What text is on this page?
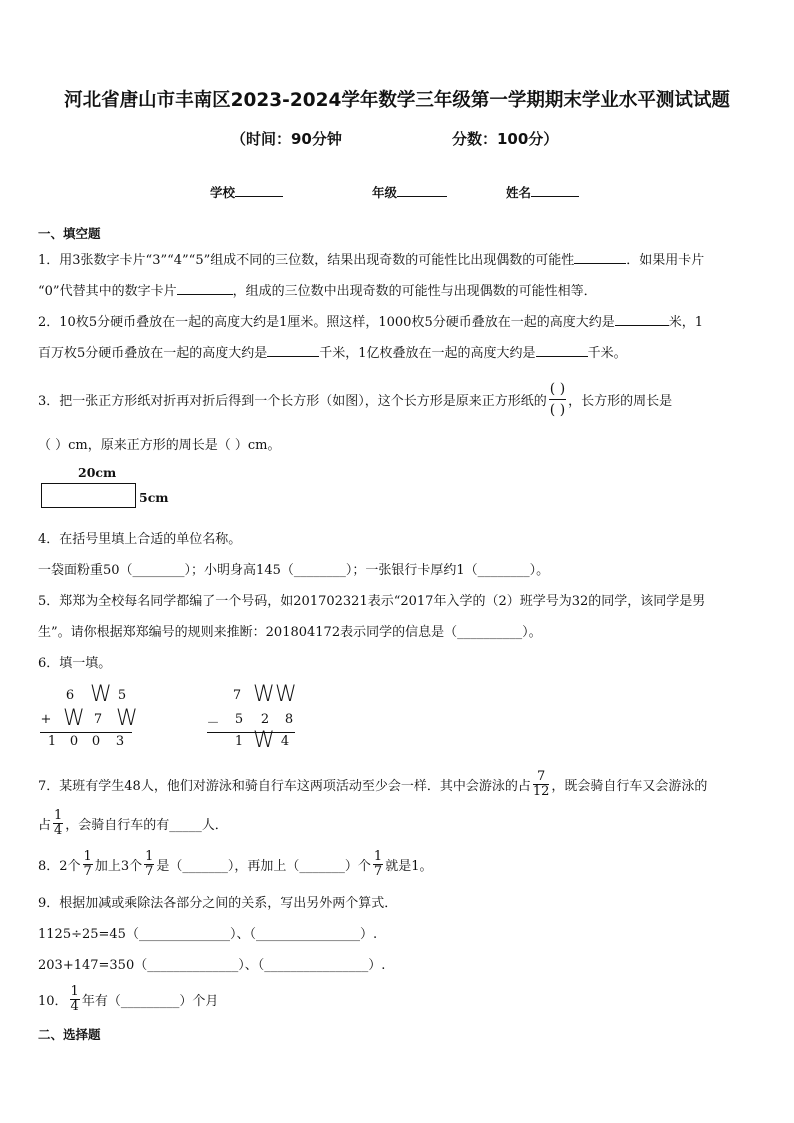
河北省唐山市丰南区2023-2024学年数学三年级第一学期期末学业水平测试试题
（时间：90分钟	分数：100分）
学校	年级	姓名
一、填空题
1．用3张数字卡片“3”“4”“5”组成不同的三位数，结果出现奇数的可能性比出现偶数的可能性	．如果用卡片
“0”代替其中的数字卡片	，组成的三位数中出现奇数的可能性与出现偶数的可能性相等．
2．10枚5分硬币叠放在一起的高度大约是1厘米。照这样，1000枚5分硬币叠放在一起的高度大约是	米，1
百万枚5分硬币叠放在一起的高度大约是	千米，1亿枚叠放在一起的高度大约是	千米。
3．把一张正方形纸对折再对折后得到一个长方形（如图），这个长方形是原来正方形纸的 $\frac{( )}{( )}$ ，长方形的周长是
（ ）cm，原来正方形的周长是（ ）cm。
20cm
5cm
4．在括号里填上合适的单位名称。
一袋面粉重50（________）；小明身高145（________）；一张银行卡厚约1（________）。
5．郑郑为全校每名同学都编了一个号码，如201702321表示“2017年入学的（2）班学号为32的同学，该同学是男
生”。请你根据郑郑编号的规则来推断：201804172表示同学的信息是（__________）。
6．填一填。
6 W 5
+ W 7 W
1 0 0 3
7 W W
－ 5 2 8
1 W 4
7．某班有学生48人，他们对游泳和骑自行车这两项活动至少会一样．其中会游泳的占 $\frac{7}{12}$ ，既会骑自行车又会游泳的
占 $\frac{1}{4}$ ，会骑自行车的有_____人．
8．2个 $\frac{1}{7}$ 加上3个 $\frac{1}{7}$ 是（_______），再加上（_______）个 $\frac{1}{7}$ 就是1。
9．根据加减或乘除法各部分之间的关系，写出另外两个算式．
1125÷25=45（______________）、（________________）.
203+147=350（______________）、（________________）.
10． $\frac{1}{4}$ 年有（_________）个月
二、选择题
